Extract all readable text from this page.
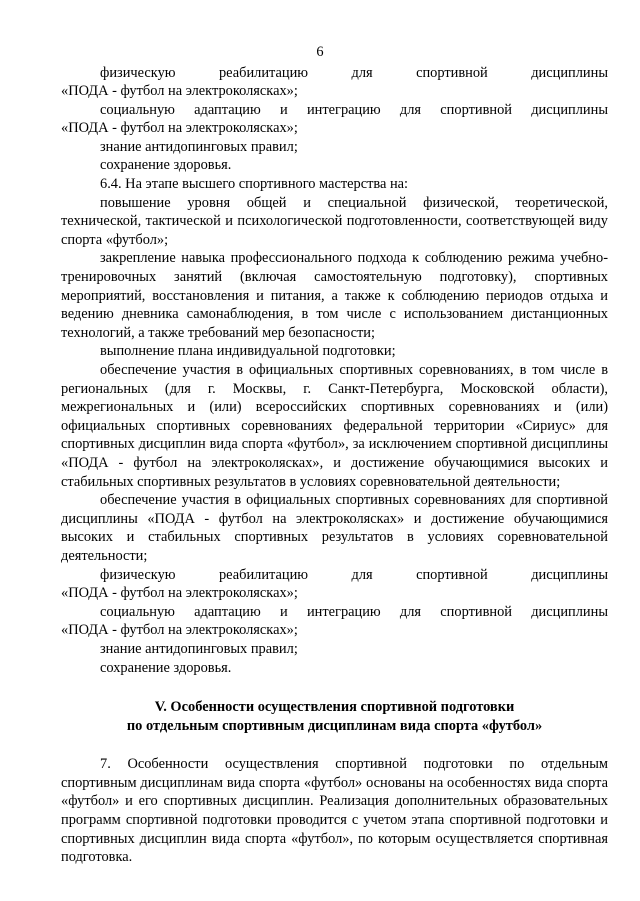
6
физическую реабилитацию для спортивной дисциплины
«ПОДА - футбол на электроколясках»;
социальную адаптацию и интеграцию для спортивной дисциплины
«ПОДА - футбол на электроколясках»;
знание антидопинговых правил;
сохранение здоровья.
6.4. На этапе высшего спортивного мастерства на:

повышение уровня общей и специальной физической, теоретической, технической, тактической и психологической подготовленности, соответствующей виду спорта «футбол»;

закрепление навыка профессионального подхода к соблюдению режима учебно-тренировочных занятий (включая самостоятельную подготовку), спортивных мероприятий, восстановления и питания, а также к соблюдению периодов отдыха и ведению дневника самонаблюдения, в том числе с использованием дистанционных технологий, а также требований мер безопасности;

выполнение плана индивидуальной подготовки;

обеспечение участия в официальных спортивных соревнованиях, в том числе в региональных (для г. Москвы, г. Санкт-Петербурга, Московской области), межрегиональных и (или) всероссийских спортивных соревнованиях и (или) официальных спортивных соревнованиях федеральной территории «Сириус» для спортивных дисциплин вида спорта «футбол», за исключением спортивной дисциплины «ПОДА - футбол на электроколясках», и достижение обучающимися высоких и стабильных спортивных результатов в условиях соревновательной деятельности;

обеспечение участия в официальных спортивных соревнованиях для спортивной дисциплины «ПОДА - футбол на электроколясках» и достижение обучающимися высоких и стабильных спортивных результатов в условиях соревновательной деятельности;

физическую реабилитацию для спортивной дисциплины
«ПОДА - футбол на электроколясках»;
социальную адаптацию и интеграцию для спортивной дисциплины
«ПОДА - футбол на электроколясках»;
знание антидопинговых правил;
сохранение здоровья.

V. Особенности осуществления спортивной подготовки

по отдельным спортивным дисциплинам вида спорта «футбол»

7. Особенности осуществления спортивной подготовки по отдельным спортивным дисциплинам вида спорта «футбол» основаны на особенностях вида спорта «футбол» и его спортивных дисциплин. Реализация дополнительных образовательных программ спортивной подготовки проводится с учетом этапа спортивной подготовки и спортивных дисциплин вида спорта «футбол», по которым осуществляется спортивная подготовка.
